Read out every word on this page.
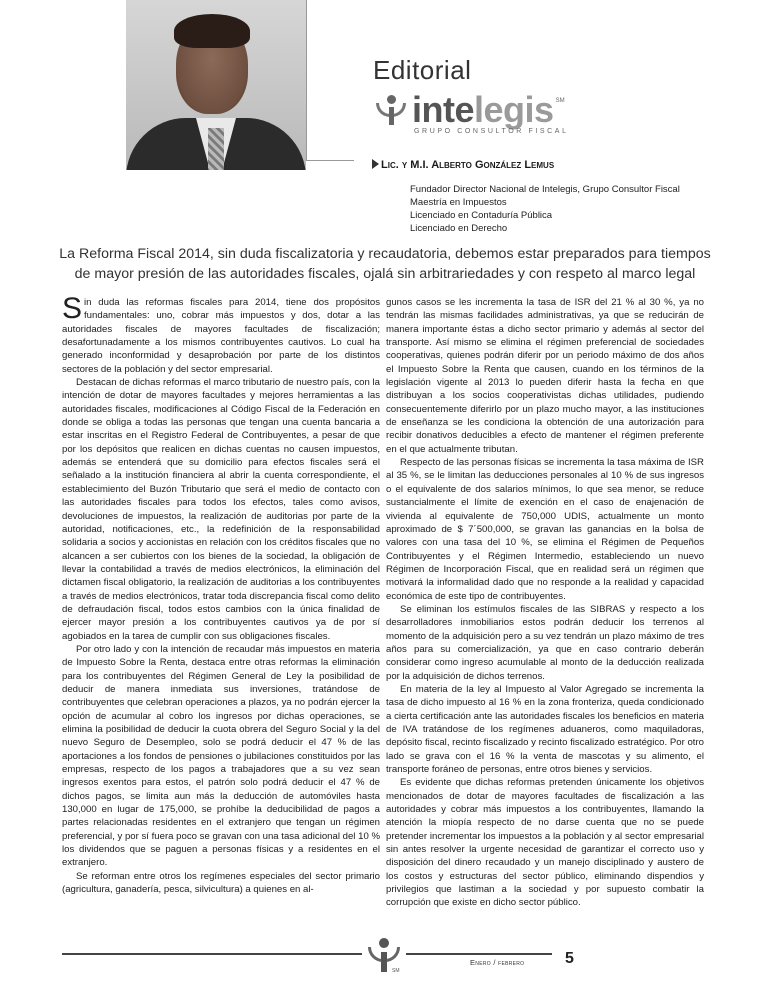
Editorial
inte legis SM
GRUPO CONSULTOR FISCAL
Lic. y M.I. Alberto González Lemus
Fundador Director Nacional de Intelegis, Grupo Consultor Fiscal
Maestría en Impuestos
Licenciado en Contaduría Pública
Licenciado en Derecho
La Reforma Fiscal 2014, sin duda fiscalizatoria y recaudatoria, debemos estar preparados para tiempos
de mayor presión de las autoridades fiscales, ojalá sin arbitrariedades y con respeto al marco legal

Sin duda las reformas fiscales para 2014, tiene dos propósitos fundamentales: uno, cobrar más impuestos y dos, dotar a las autoridades fiscales de mayores facultades de fiscalización; desafortunadamente a los mismos contribuyentes cautivos. Lo cual ha generado inconformidad y desaprobación por parte de los distintos sectores de la población y del sector empresarial.

Destacan de dichas reformas el marco tributario de nuestro país, con la intención de dotar de mayores facultades y mejores herramientas a las autoridades fiscales, modificaciones al Código Fiscal de la Federación en donde se obliga a todas las personas que tengan una cuenta bancaria a estar inscritas en el Registro Federal de Contribuyentes, a pesar de que por los depósitos que realicen en dichas cuentas no causen impuestos, además se entenderá que su domicilio para efectos fiscales será el señalado a la institución financiera al abrir la cuenta correspondiente, el establecimiento del Buzón Tributario que será el medio de contacto con las autoridades fiscales para todos los efectos, tales como avisos, devoluciones de impuestos, la realización de auditorias por parte de la autoridad, notificaciones, etc., la redefinición de la responsabilidad solidaria a socios y accionistas en relación con los créditos fiscales que no alcancen a ser cubiertos con los bienes de la sociedad, la obligación de llevar la contabilidad a través de medios electrónicos, la eliminación del dictamen fiscal obligatorio, la realización de auditorias a los contribuyentes a través de medios electrónicos, tratar toda discrepancia fiscal como delito de defraudación fiscal, todos estos cambios con la única finalidad de ejercer mayor presión a los contribuyentes cautivos ya de por sí agobiados en la tarea de cumplir con sus obligaciones fiscales.

Por otro lado y con la intención de recaudar más impuestos en materia de Impuesto Sobre la Renta, destaca entre otras reformas la eliminación para los contribuyentes del Régimen General de Ley la posibilidad de deducir de manera inmediata sus inversiones, tratándose de contribuyentes que celebran operaciones a plazos, ya no podrán ejercer la opción de acumular al cobro los ingresos por dichas operaciones, se elimina la posibilidad de deducir la cuota obrera del Seguro Social y la del nuevo Seguro de Desempleo, solo se podrá deducir el 47 % de las aportaciones a los fondos de pensiones o jubilaciones constituidos por las empresas, respecto de los pagos a trabajadores que a su vez sean ingresos exentos para estos, el patrón solo podrá deducir el 47 % de dichos pagos, se limita aun más la deducción de automóviles hasta 130,000 en lugar de 175,000, se prohíbe la deducibilidad de pagos a partes relacionadas residentes en el extranjero que tengan un régimen preferencial, y por sí fuera poco se gravan con una tasa adicional del 10 % los dividendos que se paguen a personas físicas y a residentes en el extranjero.

Se reforman entre otros los regímenes especiales del sector primario (agricultura, ganadería, pesca, silvicultura) a quienes en al-

gunos casos se les incrementa la tasa de ISR del 21 % al 30 %, ya no tendrán las mismas facilidades administrativas, ya que se reducirán de manera importante éstas a dicho sector primario y además al sector del transporte. Así mismo se elimina el régimen preferencial de sociedades cooperativas, quienes podrán diferir por un periodo máximo de dos años el Impuesto Sobre la Renta que causen, cuando en los términos de la legislación vigente al 2013 lo pueden diferir hasta la fecha en que distribuyan a los socios cooperativistas dichas utilidades, pudiendo consecuentemente diferirlo por un plazo mucho mayor, a las instituciones de enseñanza se les condiciona la obtención de una autorización para recibir donativos deducibles a efecto de mantener el régimen preferente en el que actualmente tributan.

Respecto de las personas físicas se incrementa la tasa máxima de ISR al 35 %, se le limitan las deducciones personales al 10 % de sus ingresos o el equivalente de dos salarios mínimos, lo que sea menor, se reduce sustancialmente el límite de exención en el caso de enajenación de vivienda al equivalente de 750,000 UDIS, actualmente un monto aproximado de $ 7´500,000, se gravan las ganancias en la bolsa de valores con una tasa del 10 %, se elimina el Régimen de Pequeños Contribuyentes y el Régimen Intermedio, estableciendo un nuevo Régimen de Incorporación Fiscal, que en realidad será un régimen que motivará la informalidad dado que no responde a la realidad y capacidad económica de este tipo de contribuyentes.

Se eliminan los estímulos fiscales de las SIBRAS y respecto a los desarrolladores inmobiliarios estos podrán deducir los terrenos al momento de la adquisición pero a su vez tendrán un plazo máximo de tres años para su comercialización, ya que en caso contrario deberán considerar como ingreso acumulable al monto de la deducción realizada por la adquisición de dichos terrenos.

En materia de la ley al Impuesto al Valor Agregado se incrementa la tasa de dicho impuesto al 16 % en la zona fronteriza, queda condicionado a cierta certificación ante las autoridades fiscales los beneficios en materia de IVA tratándose de los regímenes aduaneros, como maquiladoras, depósito fiscal, recinto fiscalizado y recinto fiscalizado estratégico. Por otro lado se grava con el 16 % la venta de mascotas y su alimento, el transporte foráneo de personas, entre otros bienes y servicios.

Es evidente que dichas reformas pretenden únicamente los objetivos mencionados de dotar de mayores facultades de fiscalización a las autoridades y cobrar más impuestos a los contribuyentes, llamando la atención la miopía respecto de no darse cuenta que no se puede pretender incrementar los impuestos a la población y al sector empresarial sin antes resolver la urgente necesidad de garantizar el correcto uso y disposición del dinero recaudado y un manejo disciplinado y austero de los costos y estructuras del sector público, eliminando dispendios y privilegios que lastiman a la sociedad y por supuesto combatir la corrupción que existe en dicho sector público.

SM
Enero / febrero	5
